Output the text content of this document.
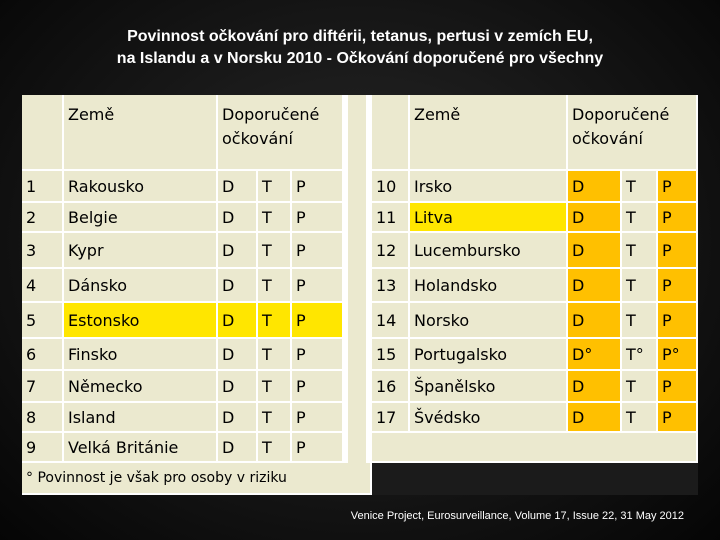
Povinnost očkování pro diftérii, tetanus, pertusi v zemích EU,
na Islandu a v Norsku 2010 - Očkování doporučené pro všechny
Země	Doporučené očkování
Země	Doporučené očkování
1	Rakousko	D	T	P
2	Belgie	D	T	P
3	Kypr	D	T	P
4	Dánsko	D	T	P
5	Estonsko	D	T	P
6	Finsko	D	T	P
7	Německo	D	T	P
8	Island	D	T	P
9	Velká Británie	D	T	P
10	Irsko	D	T	P
11	Litva	D	T	P
12	Lucembursko	D	T	P
13	Holandsko	D	T	P
14	Norsko	D	T	P
15	Portugalsko	D°	T°	P°
16	Španělsko	D	T	P
17	Švédsko	D	T	P
° Povinnost je však pro osoby v riziku
Venice Project, Eurosurveillance, Volume 17, Issue 22, 31 May 2012
